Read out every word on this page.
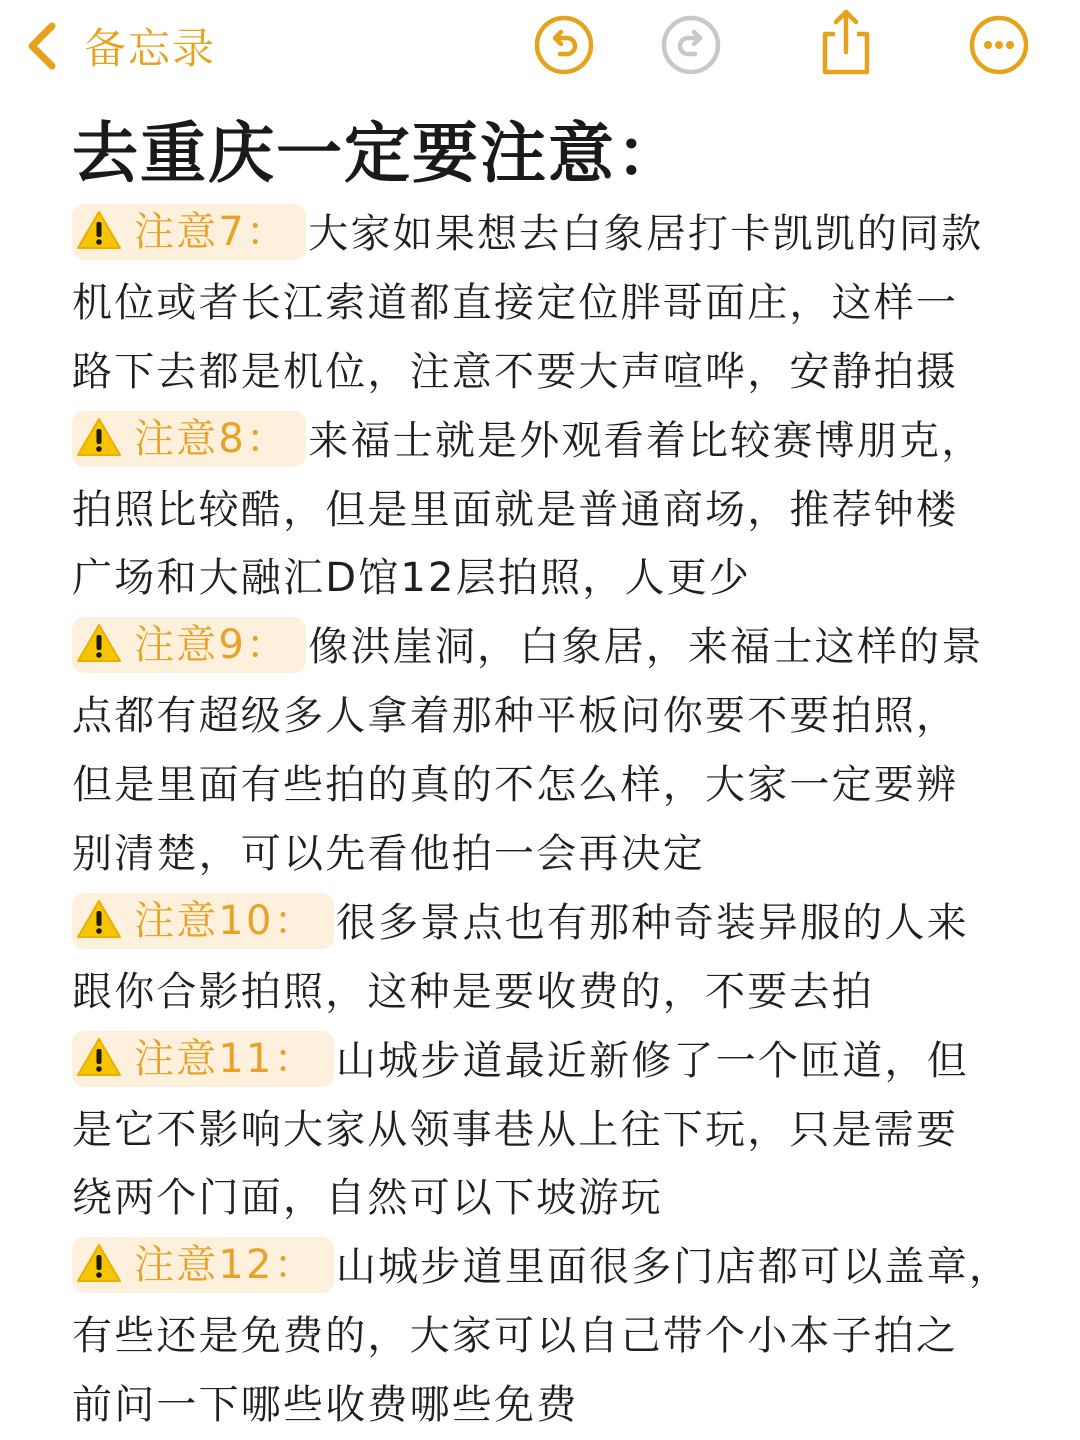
备忘录
去重庆一定要注意：
注意7： 大家如果想去白象居打卡凯凯的同款
机位或者长江索道都直接定位胖哥面庄，这样一
路下去都是机位，注意不要大声喧哗，安静拍摄
注意8： 来福士就是外观看着比较赛博朋克，
拍照比较酷，但是里面就是普通商场，推荐钟楼
广场和大融汇D馆12层拍照，人更少
注意9： 像洪崖洞，白象居，来福士这样的景
点都有超级多人拿着那种平板问你要不要拍照，
但是里面有些拍的真的不怎么样，大家一定要辨
别清楚，可以先看他拍一会再决定
注意10： 很多景点也有那种奇装异服的人来
跟你合影拍照，这种是要收费的，不要去拍
注意11： 山城步道最近新修了一个匝道，但
是它不影响大家从领事巷从上往下玩，只是需要
绕两个门面，自然可以下坡游玩
注意12： 山城步道里面很多门店都可以盖章，
有些还是免费的，大家可以自己带个小本子拍之
前问一下哪些收费哪些免费
